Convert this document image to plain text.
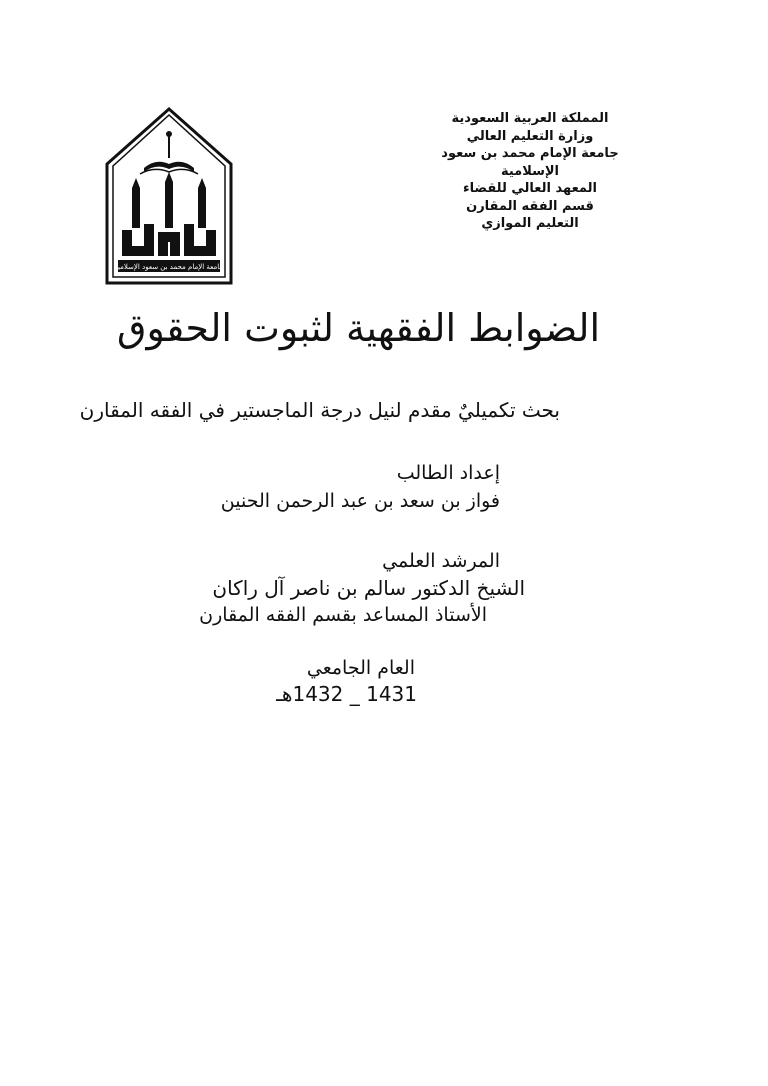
المملكة العربية السعودية
وزارة التعليم العالي
جامعة الإمام محمد بن سعود
الإسلامية
المعهد العالي للقضاء
قسم الفقه المقارن
التعليم الموازي
جامعة الإمام محمد بن سعود الإسلامية
الضوابط الفقهية لثبوت الحقوق
بحث تكميليٌ مقدم لنيل درجة الماجستير في الفقه المقارن
إعداد الطالب
فواز بن سعد بن عبد الرحمن الحنين
المرشد العلمي
الشيخ الدكتور سالم بن ناصر آل راكان
الأستاذ المساعد بقسم الفقه المقارن
العام الجامعي
1431 _ 1432هـ
